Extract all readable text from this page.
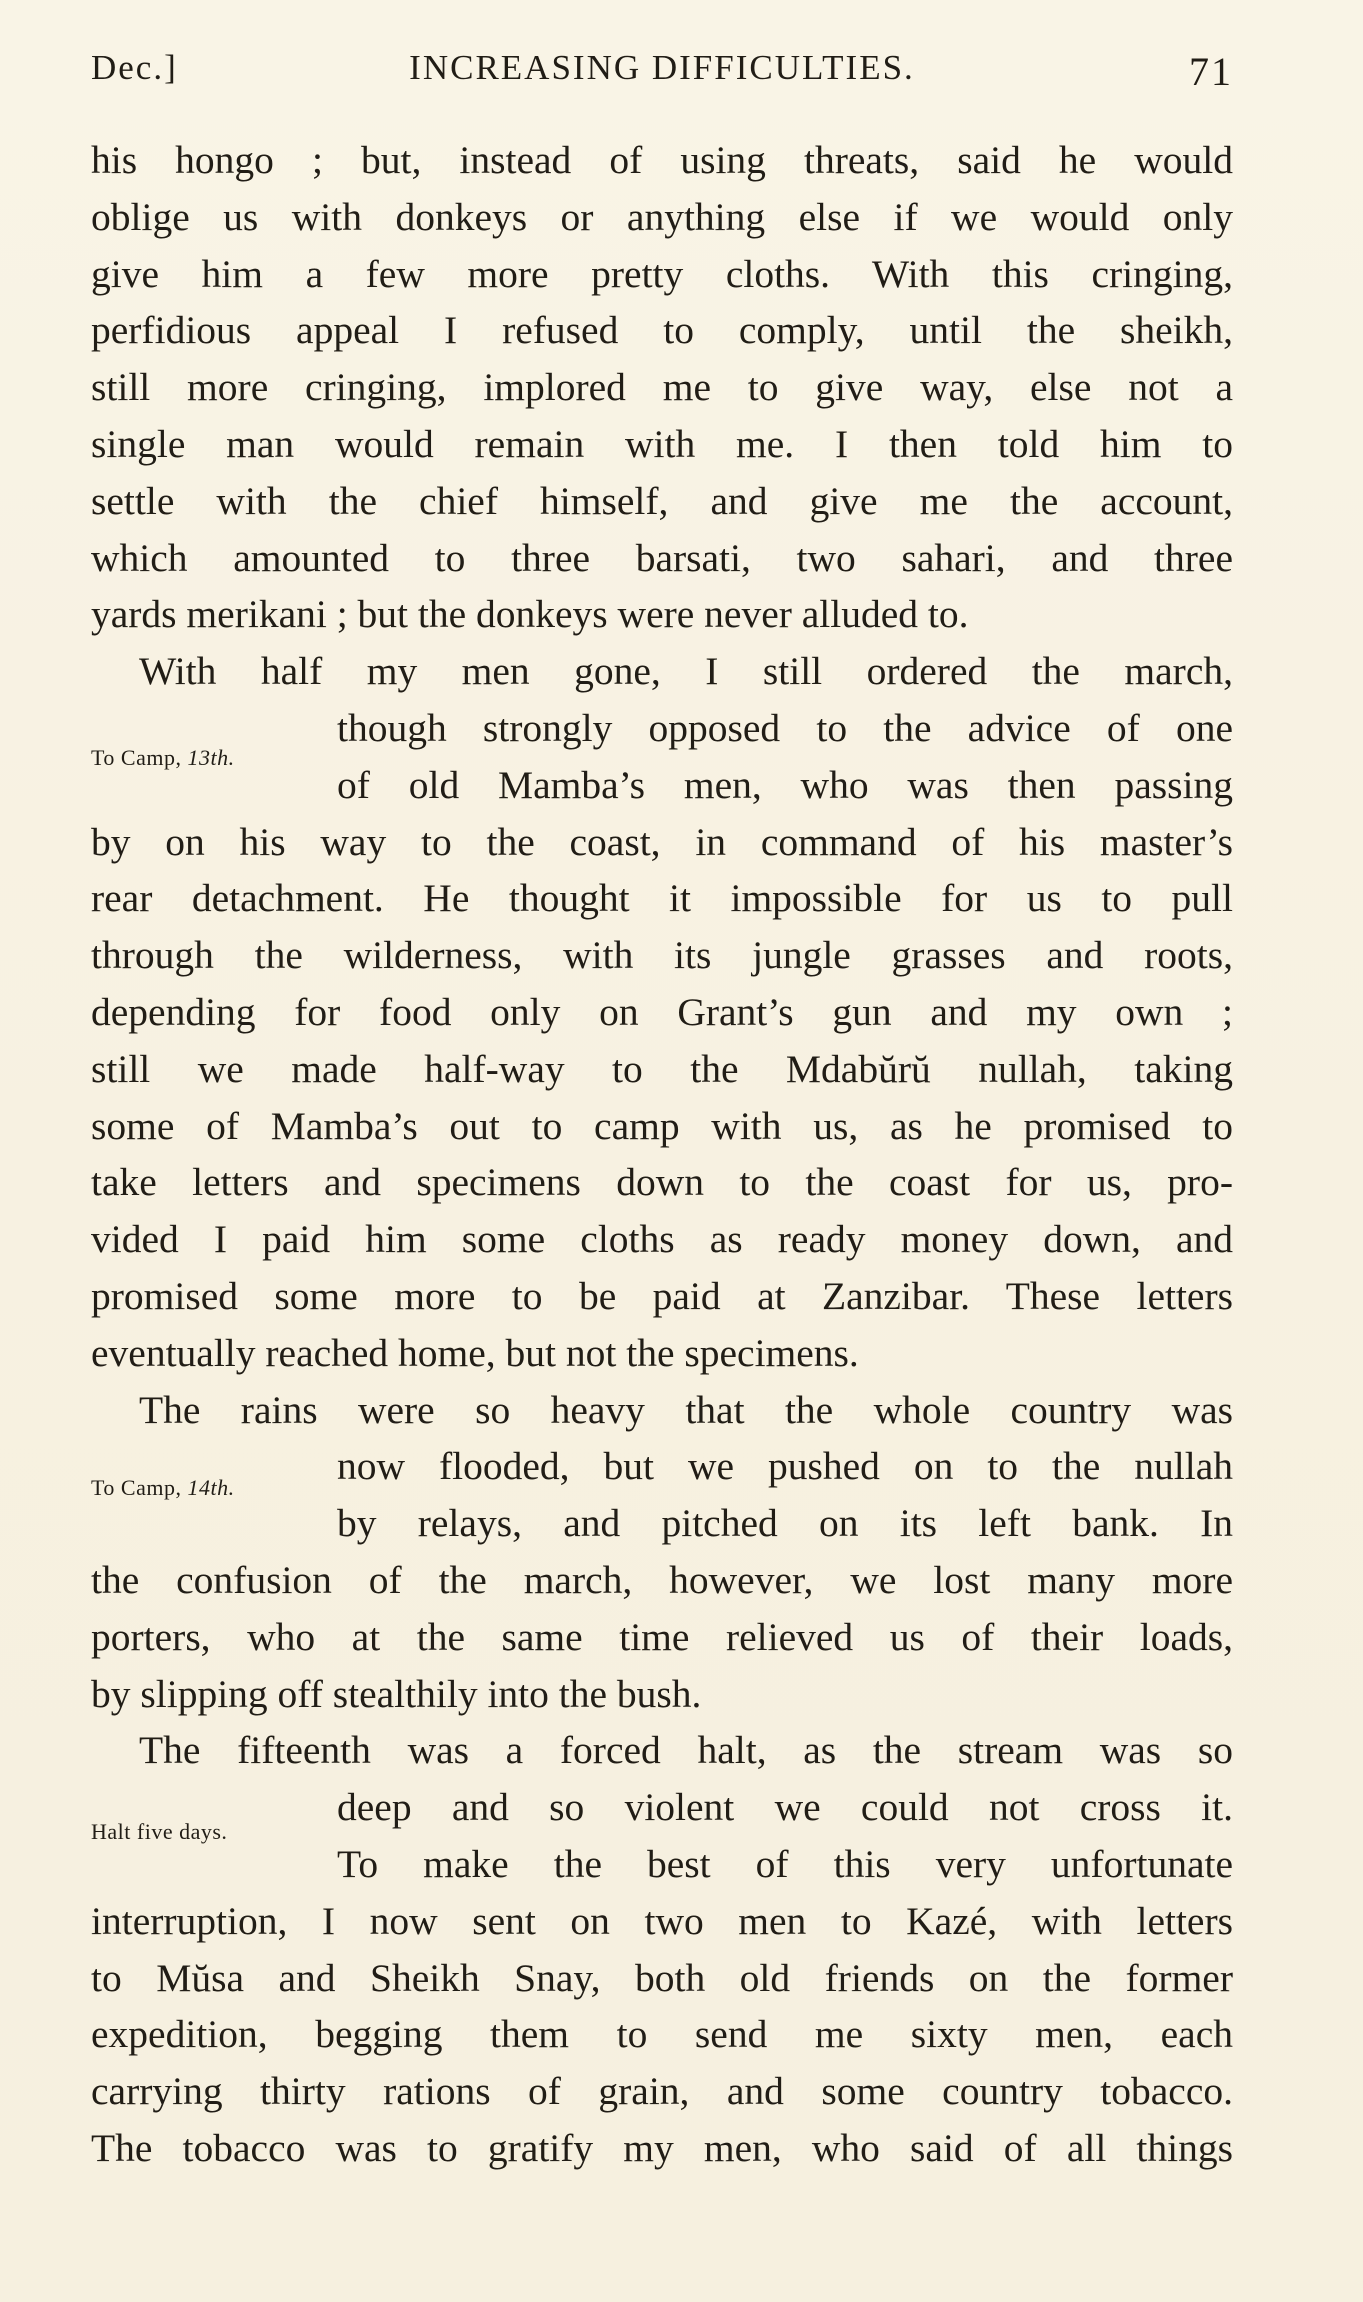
Dec.]	INCREASING DIFFICULTIES.	71
his hongo ; but, instead of using threats, said he would
oblige us with donkeys or anything else if we would only
give him a few more pretty cloths. With this cringing,
perfidious appeal I refused to comply, until the sheikh,
still more cringing, implored me to give way, else not a
single man would remain with me. I then told him to
settle with the chief himself, and give me the account,
which amounted to three barsati, two sahari, and three
yards merikani ; but the donkeys were never alluded to.
With half my men gone, I still ordered the march,
though strongly opposed to the advice of one
of old Mamba’s men, who was then passing
by on his way to the coast, in command of his master’s
rear detachment. He thought it impossible for us to pull
through the wilderness, with its jungle grasses and roots,
depending for food only on Grant’s gun and my own ;
still we made half-way to the Mdabŭrŭ nullah, taking
some of Mamba’s out to camp with us, as he promised to
take letters and specimens down to the coast for us, pro-
vided I paid him some cloths as ready money down, and
promised some more to be paid at Zanzibar. These letters
eventually reached home, but not the specimens.
The rains were so heavy that the whole country was
now flooded, but we pushed on to the nullah
by relays, and pitched on its left bank. In
the confusion of the march, however, we lost many more
porters, who at the same time relieved us of their loads,
by slipping off stealthily into the bush.
The fifteenth was a forced halt, as the stream was so
deep and so violent we could not cross it.
To make the best of this very unfortunate
interruption, I now sent on two men to Kazé, with letters
to Mŭsa and Sheikh Snay, both old friends on the former
expedition, begging them to send me sixty men, each
carrying thirty rations of grain, and some country tobacco.
The tobacco was to gratify my men, who said of all things
To Camp, 13th.
To Camp, 14th.
Halt five days.
